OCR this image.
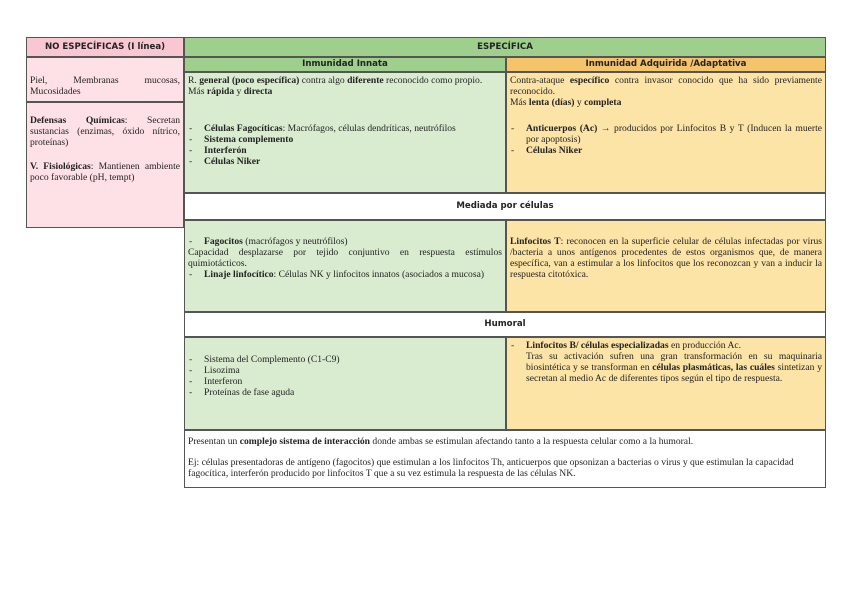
NO ESPECÍFICAS (I línea)

Piel, Membranas mucosas, Mucosidades

Defensas Químicas: Secretan sustancias (enzimas, óxido nítrico, proteínas)

V. Fisiológicas: Mantienen ambiente poco favorable (pH, tempt)

ESPECÍFICA
Inmunidad Innata	Inmunidad Adquirida /Adaptativa

R. general (poco específica) contra algo diferente reconocido como propio.

Más rápida y directa

- Células Fagocíticas: Macrófagos, células dendríticas, neutrófilos
- Sistema complemento
- Interferón
- Células Niker

Contra-ataque específico contra invasor conocido que ha sido previamente reconocido.

Más lenta (días) y completa

- Anticuerpos (Ac) → producidos por Linfocitos B y T (Inducen la muerte por apoptosis)
- Células Niker
Mediada por células
- Fagocitos (macrófagos y neutrófilos)

Capacidad desplazarse por tejido conjuntivo en respuesta estímulos quimiotácticos.

- Linaje linfocítico: Células NK y linfocitos innatos (asociados a mucosa)

Linfocitos T: reconocen en la superficie celular de células infectadas por virus /bacteria a unos antígenos procedentes de estos organismos que, de manera específica, van a estimular a los linfocitos que los reconozcan y van a inducir la respuesta citotóxica.

Humoral
- Sistema del Complemento (C1-C9)
- Lisozima
- Interferon
- Proteínas de fase aguda
- Linfocitos B/ células especializadas en producción Ac.

Tras su activación sufren una gran transformación en su maquinaria biosintética y se transforman en células plasmáticas, las cuáles sintetizan y secretan al medio Ac de diferentes tipos según el tipo de respuesta.

Presentan un complejo sistema de interacción donde ambas se estimulan afectando tanto a la respuesta celular como a la humoral.

Ej: células presentadoras de antígeno (fagocitos) que estimulan a los linfocitos Th, anticuerpos que opsonizan a bacterias o virus y que estimulan la capacidad fagocítica, interferón producido por linfocitos T que a su vez estimula la respuesta de las células NK.
